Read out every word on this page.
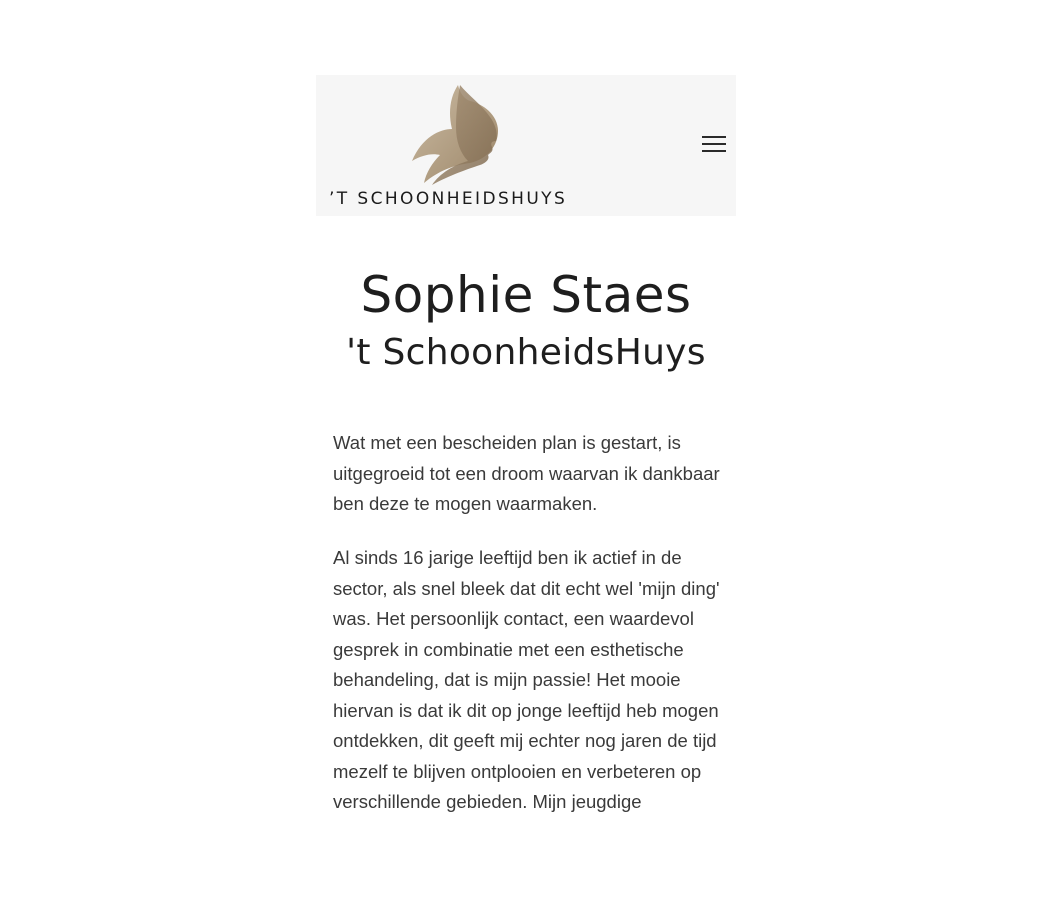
’T SCHOONHEIDSHUYS
Sophie Staes
't SchoonheidsHuys

Wat met een bescheiden plan is gestart, is uitgegroeid tot een droom waarvan ik dankbaar ben deze te mogen waarmaken.

Al sinds 16 jarige leeftijd ben ik actief in de sector, als snel bleek dat dit echt wel 'mijn ding' was. Het persoonlijk contact, een waardevol gesprek in combinatie met een esthetische behandeling, dat is mijn passie! Het mooie hiervan is dat ik dit op jonge leeftijd heb mogen ontdekken, dit geeft mij echter nog jaren de tijd mezelf te blijven ontplooien en verbeteren op verschillende gebieden. Mijn jeugdige
